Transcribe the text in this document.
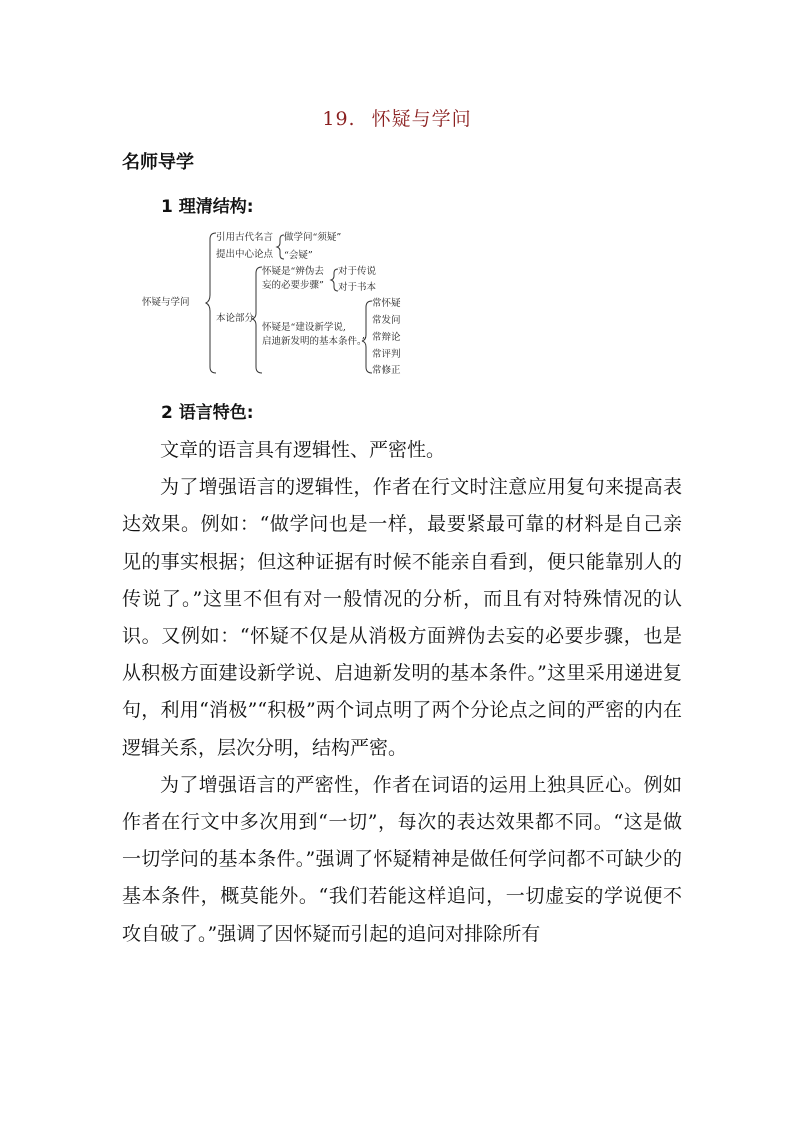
19. 怀疑与学问
名师导学
1 理清结构:
怀疑与学问
引用古代名言
提出中心论点
做学问“须疑”
“会疑”
本论部分
怀疑是“辨伪去
妄的必要步骤”
对于传说
对于书本
怀疑是“建设新学说,
启迪新发明的基本条件。”
常怀疑
常发问
常辩论
常评判
常修正
2 语言特色:

文章的语言具有逻辑性、严密性。

为了增强语言的逻辑性，作者在行文时注意应用复句来提高表达效果。例如：“做学问也是一样，最要紧最可靠的材料是自己亲见的事实根据；但这种证据有时候不能亲自看到，便只能靠别人的传说了。”这里不但有对一般情况的分析，而且有对特殊情况的认识。又例如：“怀疑不仅是从消极方面辨伪去妄的必要步骤，也是从积极方面建设新学说、启迪新发明的基本条件。”这里采用递进复句，利用“消极”“积极”两个词点明了两个分论点之间的严密的内在逻辑关系，层次分明，结构严密。

为了增强语言的严密性，作者在词语的运用上独具匠心。例如作者在行文中多次用到“一切”，每次的表达效果都不同。“这是做一切学问的基本条件。”强调了怀疑精神是做任何学问都不可缺少的基本条件，概莫能外。“我们若能这样追问，一切虚妄的学说便不攻自破了。”强调了因怀疑而引起的追问对排除所有
